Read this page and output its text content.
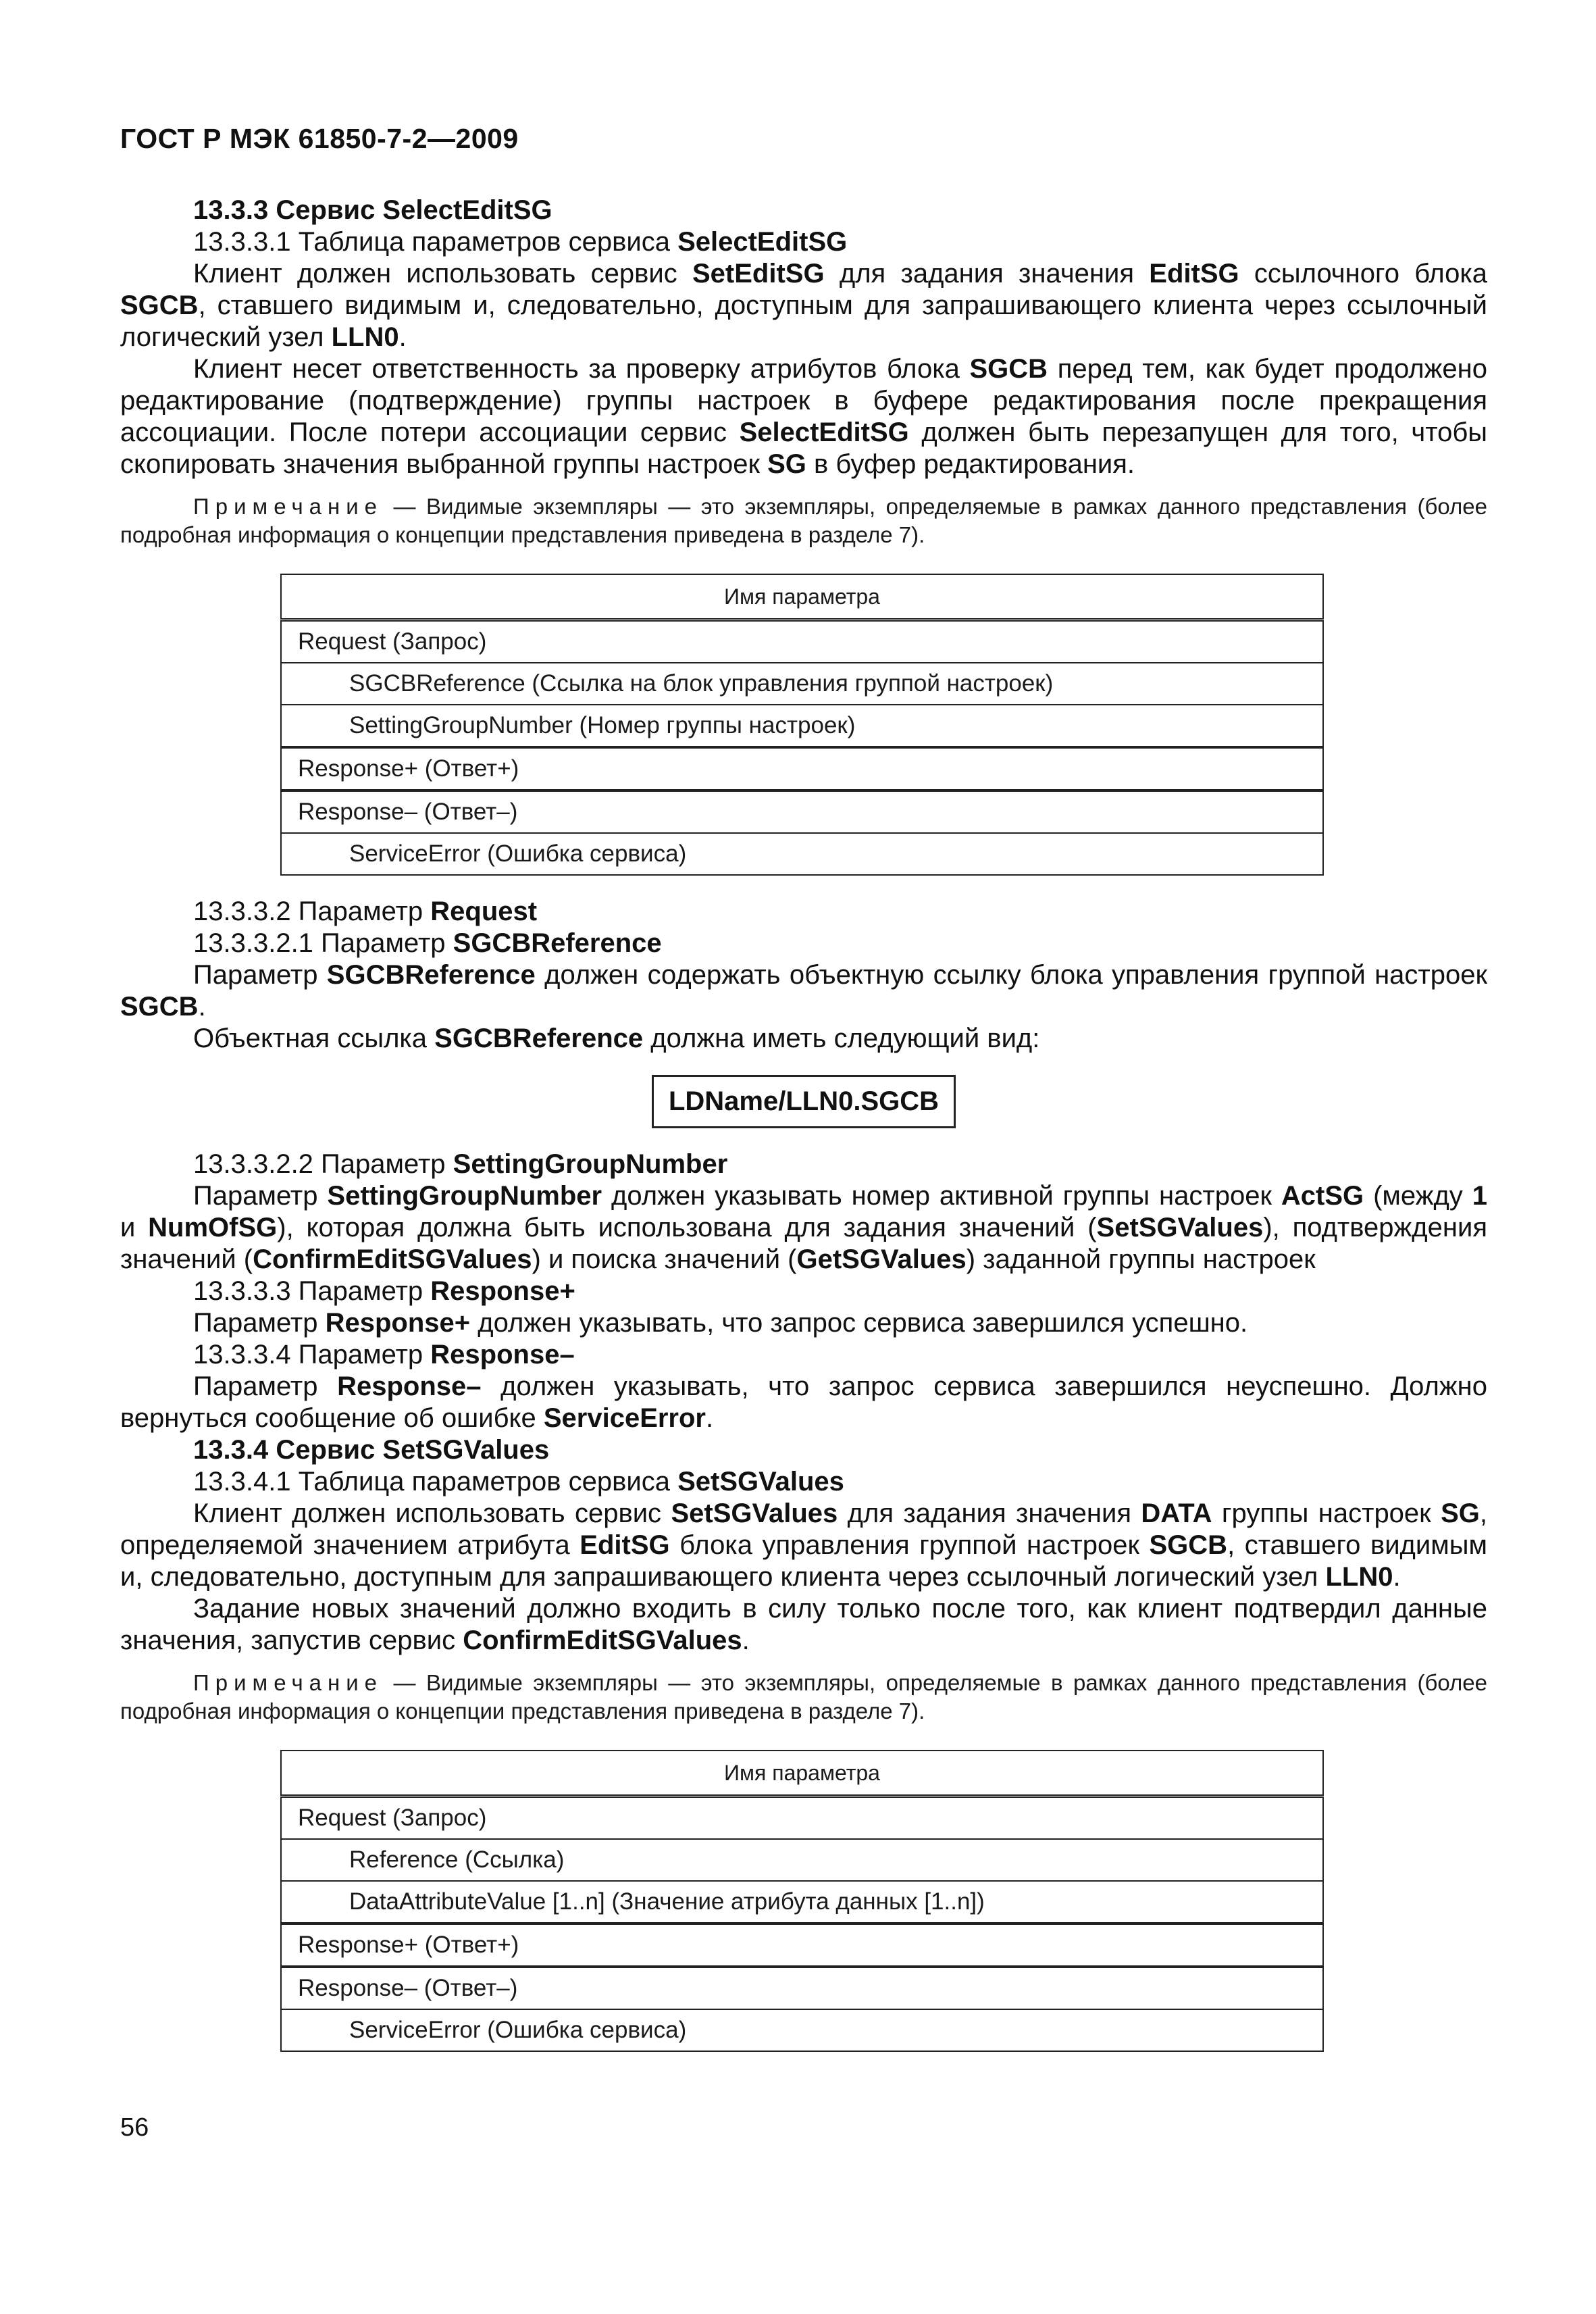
ГОСТ Р МЭК 61850-7-2—2009

13.3.3 Сервис SelectEditSG

13.3.3.1 Таблица параметров сервиса SelectEditSG

Клиент должен использовать сервис SetEditSG для задания значения EditSG ссылочного блока SGCB, ставшего видимым и, следовательно, доступным для запрашивающего клиента через ссылочный логический узел LLN0.

Клиент несет ответственность за проверку атрибутов блока SGCB перед тем, как будет продолжено редактирование (подтверждение) группы настроек в буфере редактирования после прекращения ассоциации. После потери ассоциации сервис SelectEditSG должен быть перезапущен для того, чтобы скопировать значения выбранной группы настроек SG в буфер редактирования.

Примечание — Видимые экземпляры — это экземпляры, определяемые в рамках данного представления (более подробная информация о концепции представления приведена в разделе 7).

Имя параметра
Request (Запрос)
SGCBReference (Ссылка на блок управления группой настроек)
SettingGroupNumber (Номер группы настроек)
Response+ (Ответ+)
Response– (Ответ–)
ServiceError (Ошибка сервиса)

13.3.3.2 Параметр Request

13.3.3.2.1 Параметр SGCBReference

Параметр SGCBReference должен содержать объектную ссылку блока управления группой настроек SGCB.

Объектная ссылка SGCBReference должна иметь следующий вид:

LDName/LLN0.SGCB

13.3.3.2.2 Параметр SettingGroupNumber

Параметр SettingGroupNumber должен указывать номер активной группы настроек ActSG (между 1 и NumOfSG), которая должна быть использована для задания значений (SetSGValues), подтверждения значений (ConfirmEditSGValues) и поиска значений (GetSGValues) заданной группы настроек

13.3.3.3 Параметр Response+

Параметр Response+ должен указывать, что запрос сервиса завершился успешно.

13.3.3.4 Параметр Response–

Параметр Response– должен указывать, что запрос сервиса завершился неуспешно. Должно вернуться сообщение об ошибке ServiceError.

13.3.4 Сервис SetSGValues

13.3.4.1 Таблица параметров сервиса SetSGValues

Клиент должен использовать сервис SetSGValues для задания значения DATA группы настроек SG, определяемой значением атрибута EditSG блока управления группой настроек SGCB, ставшего видимым и, следовательно, доступным для запрашивающего клиента через ссылочный логический узел LLN0.

Задание новых значений должно входить в силу только после того, как клиент подтвердил данные значения, запустив сервис ConfirmEditSGValues.

Примечание — Видимые экземпляры — это экземпляры, определяемые в рамках данного представления (более подробная информация о концепции представления приведена в разделе 7).

Имя параметра
Request (Запрос)
Reference (Ссылка)
DataAttributeValue [1..n] (Значение атрибута данных [1..n])
Response+ (Ответ+)
Response– (Ответ–)
ServiceError (Ошибка сервиса)
56
